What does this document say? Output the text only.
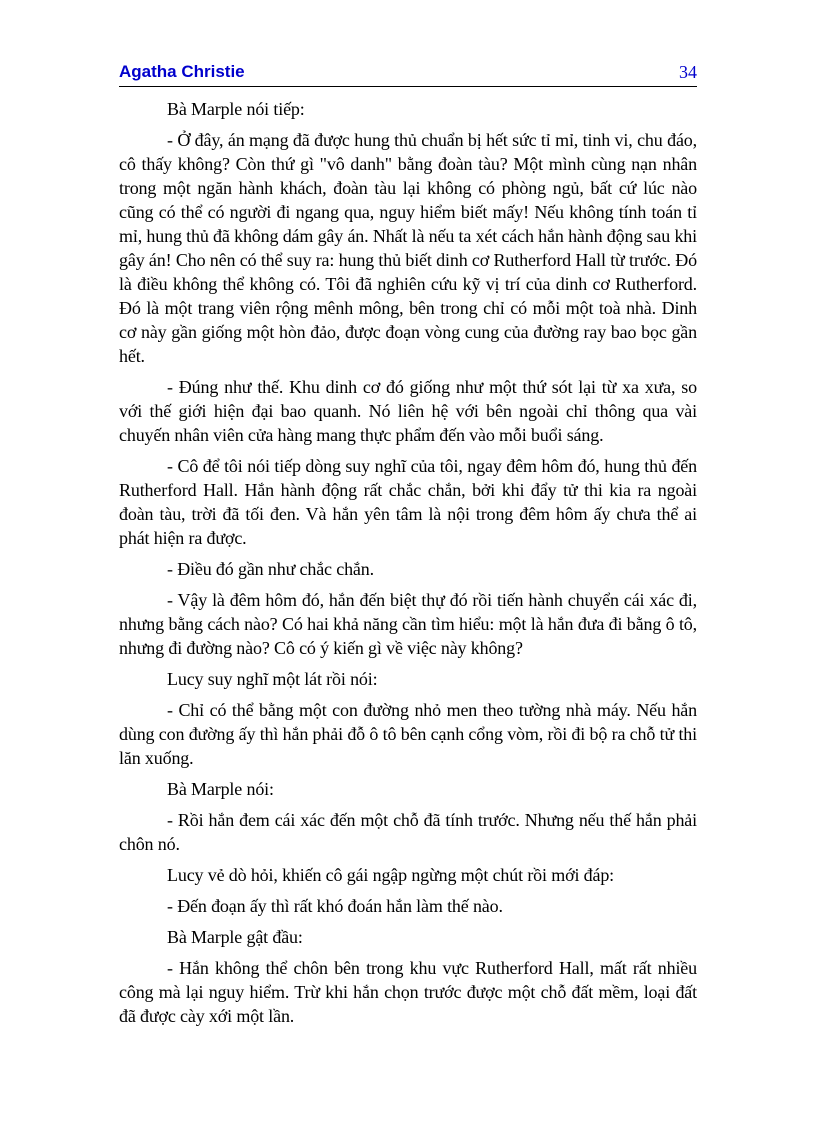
Agatha Christie	34

Bà Marple nói tiếp:

- Ở đây, án mạng đã được hung thủ chuẩn bị hết sức tỉ mỉ, tinh vi, chu đáo, cô thấy không? Còn thứ gì "vô danh" bằng đoàn tàu? Một mình cùng nạn nhân trong một ngăn hành khách, đoàn tàu lại không có phòng ngủ, bất cứ lúc nào cũng có thể có người đi ngang qua, nguy hiểm biết mấy! Nếu không tính toán tỉ mỉ, hung thủ đã không dám gây án. Nhất là nếu ta xét cách hắn hành động sau khi gây án! Cho nên có thể suy ra: hung thủ biết dinh cơ Rutherford Hall từ trước. Đó là điều không thể không có. Tôi đã nghiên cứu kỹ vị trí của dinh cơ Rutherford. Đó là một trang viên rộng mênh mông, bên trong chỉ có mỗi một toà nhà. Dinh cơ này gần giống một hòn đảo, được đoạn vòng cung của đường ray bao bọc gần hết.

- Đúng như thế. Khu dinh cơ đó giống như một thứ sót lại từ xa xưa, so với thế giới hiện đại bao quanh. Nó liên hệ với bên ngoài chỉ thông qua vài chuyến nhân viên cửa hàng mang thực phẩm đến vào mỗi buổi sáng.

- Cô để tôi nói tiếp dòng suy nghĩ của tôi, ngay đêm hôm đó, hung thủ đến Rutherford Hall. Hắn hành động rất chắc chắn, bởi khi đẩy tử thi kia ra ngoài đoàn tàu, trời đã tối đen. Và hắn yên tâm là nội trong đêm hôm ấy chưa thể ai phát hiện ra được.

- Điều đó gần như chắc chắn.

- Vậy là đêm hôm đó, hắn đến biệt thự đó rồi tiến hành chuyển cái xác đi, nhưng bằng cách nào? Có hai khả năng cần tìm hiểu: một là hắn đưa đi bằng ô tô, nhưng đi đường nào? Cô có ý kiến gì về việc này không?

Lucy suy nghĩ một lát rồi nói:

- Chỉ có thể bằng một con đường nhỏ men theo tường nhà máy. Nếu hắn dùng con đường ấy thì hắn phải đỗ ô tô bên cạnh cổng vòm, rồi đi bộ ra chỗ tử thi lăn xuống.

Bà Marple nói:

- Rồi hắn đem cái xác đến một chỗ đã tính trước. Nhưng nếu thế hắn phải chôn nó.

Lucy vẻ dò hỏi, khiến cô gái ngập ngừng một chút rồi mới đáp:

- Đến đoạn ấy thì rất khó đoán hắn làm thế nào.

Bà Marple gật đầu:

- Hắn không thể chôn bên trong khu vực Rutherford Hall, mất rất nhiều công mà lại nguy hiểm. Trừ khi hắn chọn trước được một chỗ đất mềm, loại đất đã được cày xới một lần.
